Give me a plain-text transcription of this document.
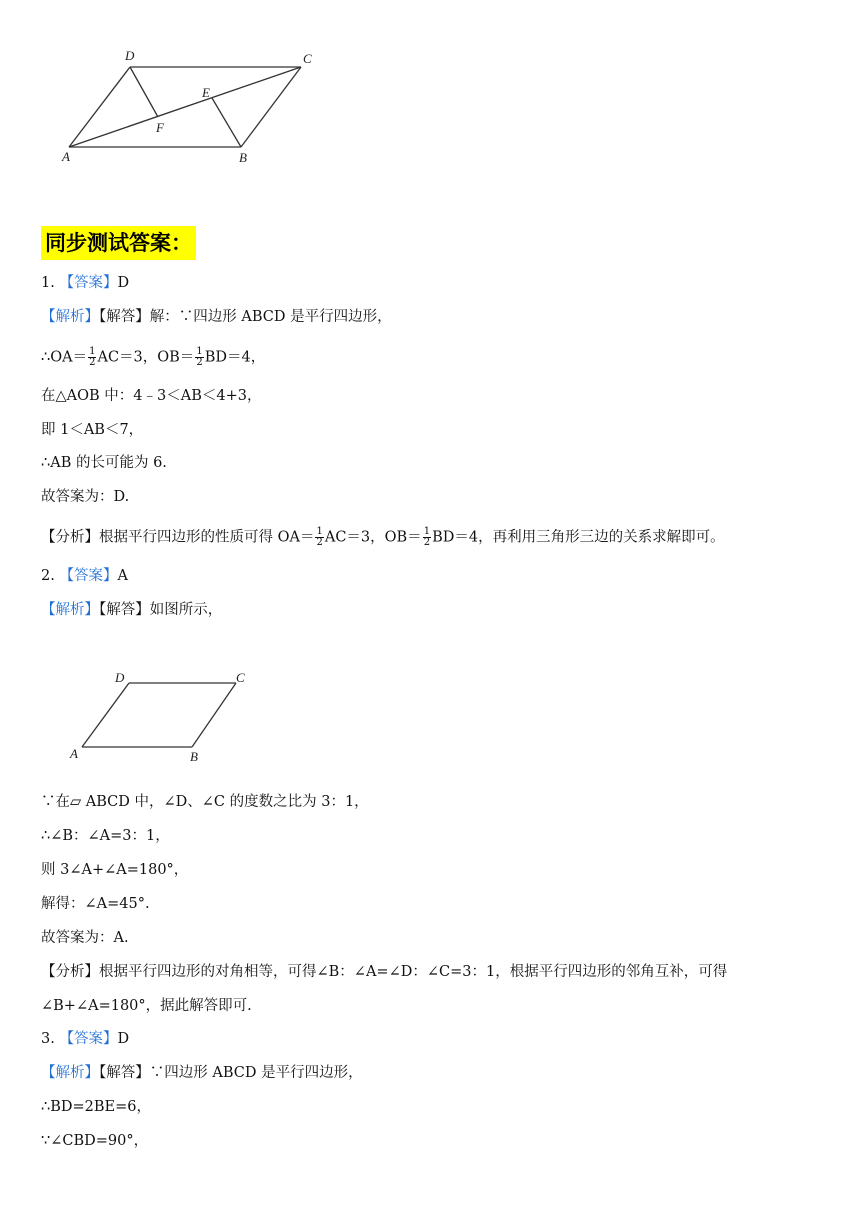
D	C
E
F
A	B
同步测试答案：
1. 【答案】D
【解析】【解答】解：∵四边形 ABCD 是平行四边形，
∴OA＝ $\frac{1}{2} AC=3$，$OB= \frac{1}{2} BD=4$，
在△AOB 中：4﹣3＜AB＜4+3，
即 1＜AB＜7，
∴AB 的长可能为 6.
故答案为：D.
【分析】根据平行四边形的性质可得 $OA= \frac{1}{2} AC=3$，$OB= \frac{1}{2} BD=4$，再利用三角形三边的关系求解即可。
2. 【答案】A
【解析】【解答】如图所示，
D	C
A	B
∵在▱ ABCD 中，∠D、∠C 的度数之比为 3：1，
∴∠B：∠A=3：1，
则 3∠A+∠A=180°，
解得：∠A=45°.
故答案为：A.
【分析】根据平行四边形的对角相等，可得∠B：∠A=∠D：∠C=3：1，根据平行四边形的邻角互补，可得
∠B+∠A=180°，据此解答即可.
3. 【答案】D
【解析】【解答】∵四边形 ABCD 是平行四边形，
∴BD=2BE=6，
∵∠CBD=90°，
